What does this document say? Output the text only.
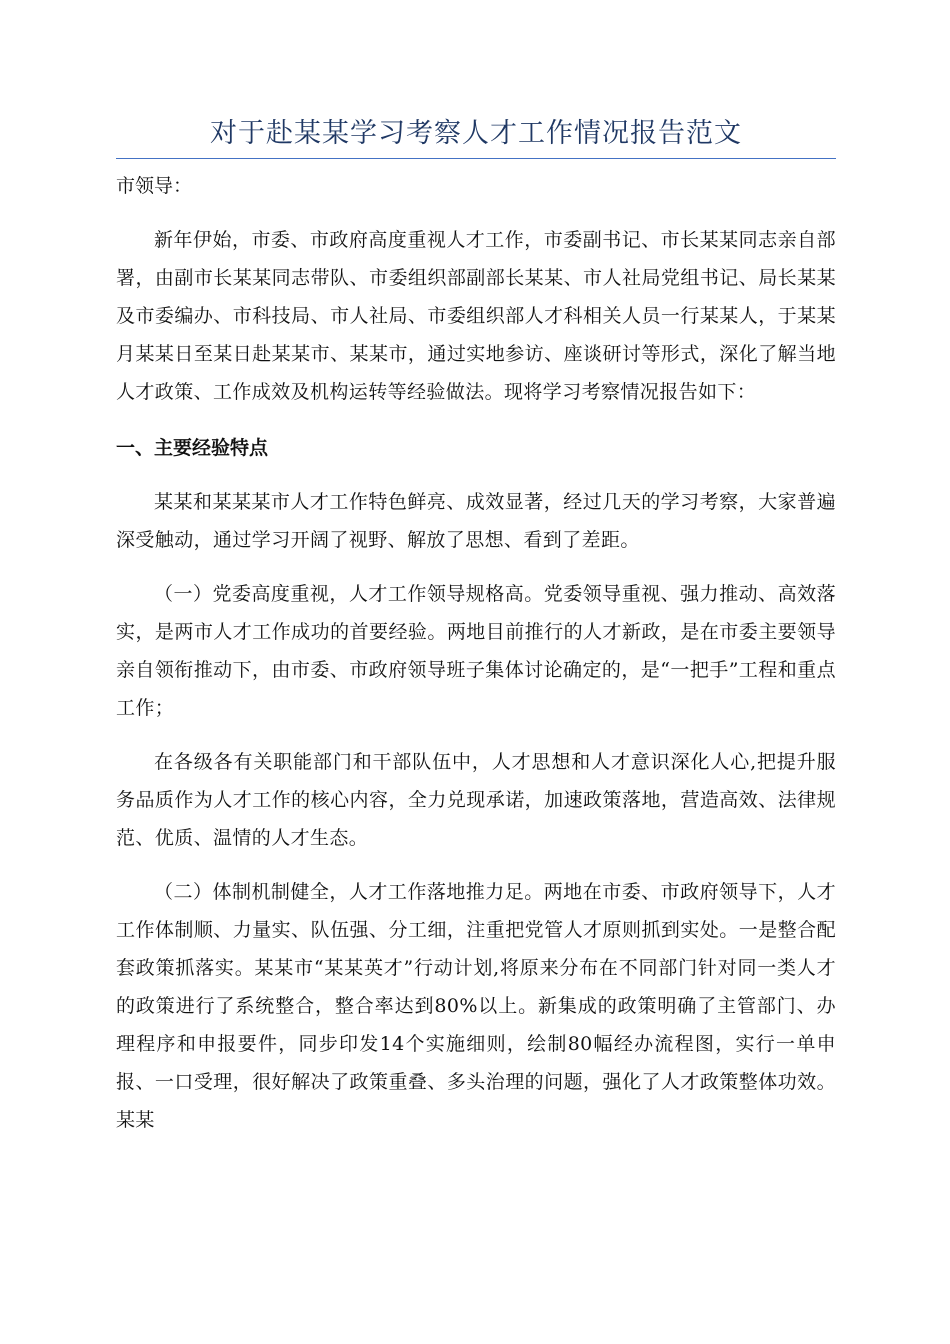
对于赴某某学习考察人才工作情况报告范文

市领导：

新年伊始，市委、市政府高度重视人才工作，市委副书记、市长某某同志亲自部署，由副市长某某同志带队、市委组织部副部长某某、市人社局党组书记、局长某某及市委编办、市科技局、市人社局、市委组织部人才科相关人员一行某某人，于某某月某某日至某日赴某某市、某某市，通过实地参访、座谈研讨等形式，深化了解当地人才政策、工作成效及机构运转等经验做法。现将学习考察情况报告如下：

一、主要经验特点

某某和某某某市人才工作特色鲜亮、成效显著，经过几天的学习考察，大家普遍深受触动，通过学习开阔了视野、解放了思想、看到了差距。

（一）党委高度重视，人才工作领导规格高。党委领导重视、强力推动、高效落实，是两市人才工作成功的首要经验。两地目前推行的人才新政，是在市委主要领导亲自领衔推动下，由市委、市政府领导班子集体讨论确定的，是“一把手”工程和重点工作；

在各级各有关职能部门和干部队伍中，人才思想和人才意识深化人心,把提升服务品质作为人才工作的核心内容，全力兑现承诺，加速政策落地，营造高效、法律规范、优质、温情的人才生态。

（二）体制机制健全，人才工作落地推力足。两地在市委、市政府领导下，人才工作体制顺、力量实、队伍强、分工细，注重把党管人才原则抓到实处。一是整合配套政策抓落实。某某市“某某英才”行动计划,将原来分布在不同部门针对同一类人才的政策进行了系统整合，整合率达到80%以上。新集成的政策明确了主管部门、办理程序和申报要件，同步印发14个实施细则，绘制80幅经办流程图，实行一单申报、一口受理，很好解决了政策重叠、多头治理的问题，强化了人才政策整体功效。某某
